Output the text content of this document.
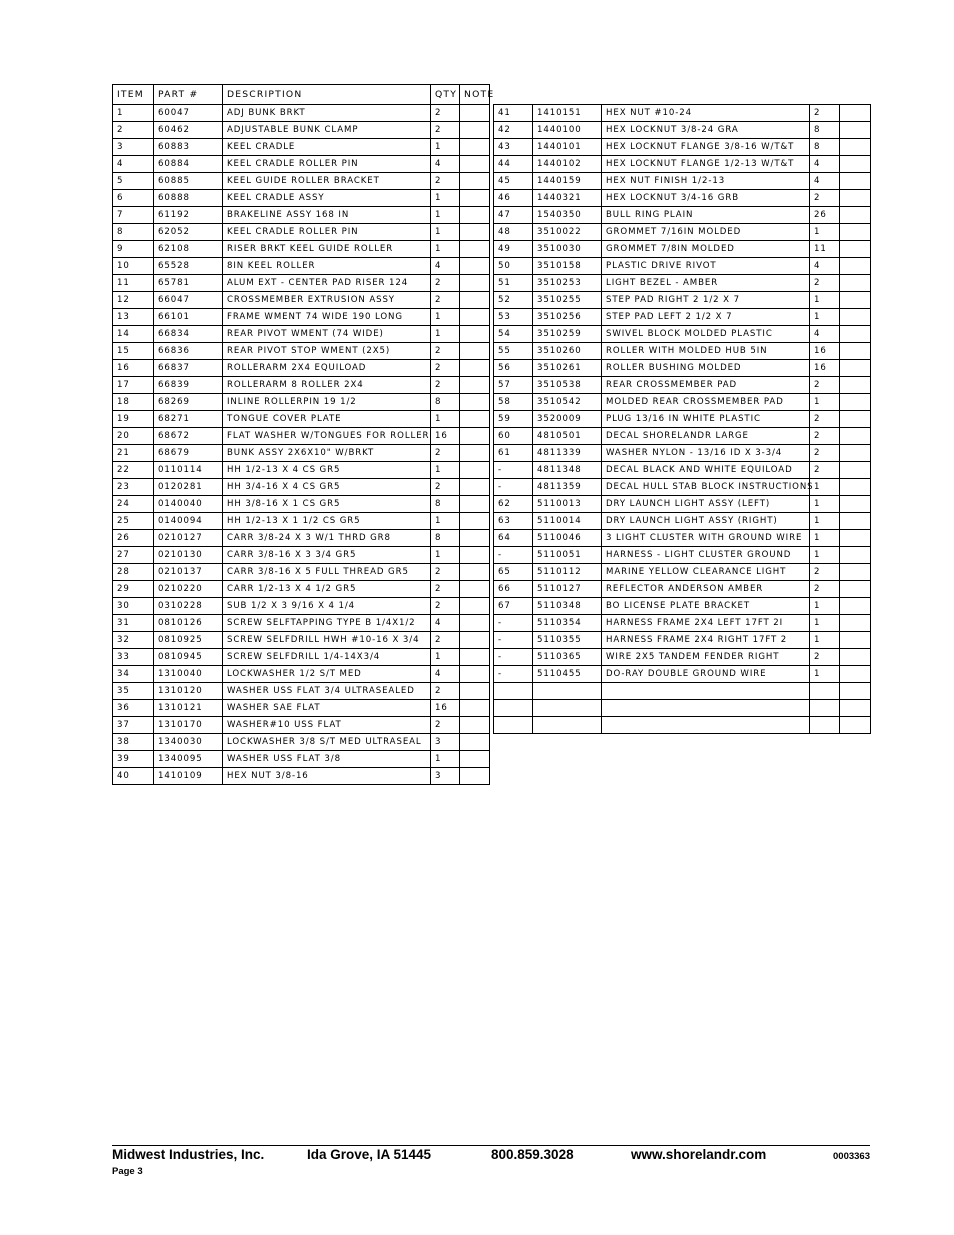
ITEM	PART #	DESCRIPTION	QTY	NOTE
1	60047	ADJ BUNK BRKT	2	
2	60462	ADJUSTABLE BUNK CLAMP	2	
3	60883	KEEL CRADLE	1	
4	60884	KEEL CRADLE ROLLER PIN	4	
5	60885	KEEL GUIDE ROLLER BRACKET	2	
6	60888	KEEL CRADLE ASSY	1	
7	61192	BRAKELINE ASSY 168 IN	1	
8	62052	KEEL CRADLE ROLLER PIN	1	
9	62108	RISER BRKT KEEL GUIDE ROLLER	1	
10	65528	8IN KEEL ROLLER	4	
11	65781	ALUM EXT - CENTER PAD RISER 124	2	
12	66047	CROSSMEMBER EXTRUSION ASSY	2	
13	66101	FRAME WMENT 74 WIDE 190 LONG	1	
14	66834	REAR PIVOT WMENT (74 WIDE)	1	
15	66836	REAR PIVOT STOP WMENT (2X5)	2	
16	66837	ROLLERARM 2X4 EQUILOAD	2	
17	66839	ROLLERARM 8 ROLLER 2X4	2	
18	68269	INLINE ROLLERPIN 19 1/2	8	
19	68271	TONGUE COVER PLATE	1	
20	68672	FLAT WASHER W/TONGUES FOR ROLLER	16	
21	68679	BUNK ASSY 2X6X10" W/BRKT	2	
22	0110114	HH 1/2-13 X 4 CS GR5	1	
23	0120281	HH 3/4-16 X 4 CS GR5	2	
24	0140040	HH 3/8-16 X 1 CS GR5	8	
25	0140094	HH 1/2-13 X 1 1/2 CS GR5	1	
26	0210127	CARR 3/8-24 X 3 W/1 THRD GR8	8	
27	0210130	CARR 3/8-16 X 3 3/4 GR5	1	
28	0210137	CARR 3/8-16 X 5 FULL THREAD GR5	2	
29	0210220	CARR 1/2-13 X 4 1/2 GR5	2	
30	0310228	SUB 1/2 X 3 9/16 X 4 1/4	2	
31	0810126	SCREW SELFTAPPING TYPE B 1/4X1/2	4	
32	0810925	SCREW SELFDRILL HWH #10-16 X 3/4	2	
33	0810945	SCREW SELFDRILL 1/4-14X3/4	1	
34	1310040	LOCKWASHER 1/2 S/T MED	4	
35	1310120	WASHER USS FLAT 3/4 ULTRASEALED	2	
36	1310121	WASHER SAE FLAT	16	
37	1310170	WASHER#10 USS FLAT	2	
38	1340030	LOCKWASHER 3/8 S/T MED ULTRASEAL	3	
39	1340095	WASHER USS FLAT 3/8	1	
40	1410109	HEX NUT 3/8-16	3	
41	1410151	HEX NUT #10-24	2	
42	1440100	HEX LOCKNUT 3/8-24 GRA	8	
43	1440101	HEX LOCKNUT FLANGE 3/8-16 W/T&T	8	
44	1440102	HEX LOCKNUT FLANGE 1/2-13 W/T&T	4	
45	1440159	HEX NUT FINISH 1/2-13	4	
46	1440321	HEX LOCKNUT 3/4-16 GRB	2	
47	1540350	BULL RING PLAIN	26	
48	3510022	GROMMET 7/16IN MOLDED	1	
49	3510030	GROMMET 7/8IN MOLDED	11	
50	3510158	PLASTIC DRIVE RIVOT	4	
51	3510253	LIGHT BEZEL - AMBER	2	
52	3510255	STEP PAD RIGHT 2 1/2 X 7	1	
53	3510256	STEP PAD LEFT 2 1/2 X 7	1	
54	3510259	SWIVEL BLOCK MOLDED PLASTIC	4	
55	3510260	ROLLER WITH MOLDED HUB 5IN	16	
56	3510261	ROLLER BUSHING MOLDED	16	
57	3510538	REAR CROSSMEMBER PAD	2	
58	3510542	MOLDED REAR CROSSMEMBER PAD	1	
59	3520009	PLUG 13/16 IN WHITE PLASTIC	2	
60	4810501	DECAL SHORELANDR LARGE	2	
61	4811339	WASHER NYLON - 13/16 ID X 3-3/4	2	
-	4811348	DECAL BLACK AND WHITE EQUILOAD	2	
-	4811359	DECAL HULL STAB BLOCK INSTRUCTIONS	1	
62	5110013	DRY LAUNCH LIGHT ASSY (LEFT)	1	
63	5110014	DRY LAUNCH LIGHT ASSY (RIGHT)	1	
64	5110046	3 LIGHT CLUSTER WITH GROUND WIRE	1	
-	5110051	HARNESS - LIGHT CLUSTER GROUND	1	
65	5110112	MARINE YELLOW CLEARANCE LIGHT	2	
66	5110127	REFLECTOR ANDERSON AMBER	2	
67	5110348	BO LICENSE PLATE BRACKET	1	
-	5110354	HARNESS FRAME 2X4 LEFT 17FT 2I	1	
-	5110355	HARNESS FRAME 2X4 RIGHT 17FT 2	1	
-	5110365	WIRE 2X5 TANDEM FENDER RIGHT	2	
-	5110455	DO-RAY DOUBLE GROUND WIRE	1	

Midwest Industries, Inc.	Ida Grove, IA 51445	800.859.3028	www.shorelandr.com	0003363
Page 3
